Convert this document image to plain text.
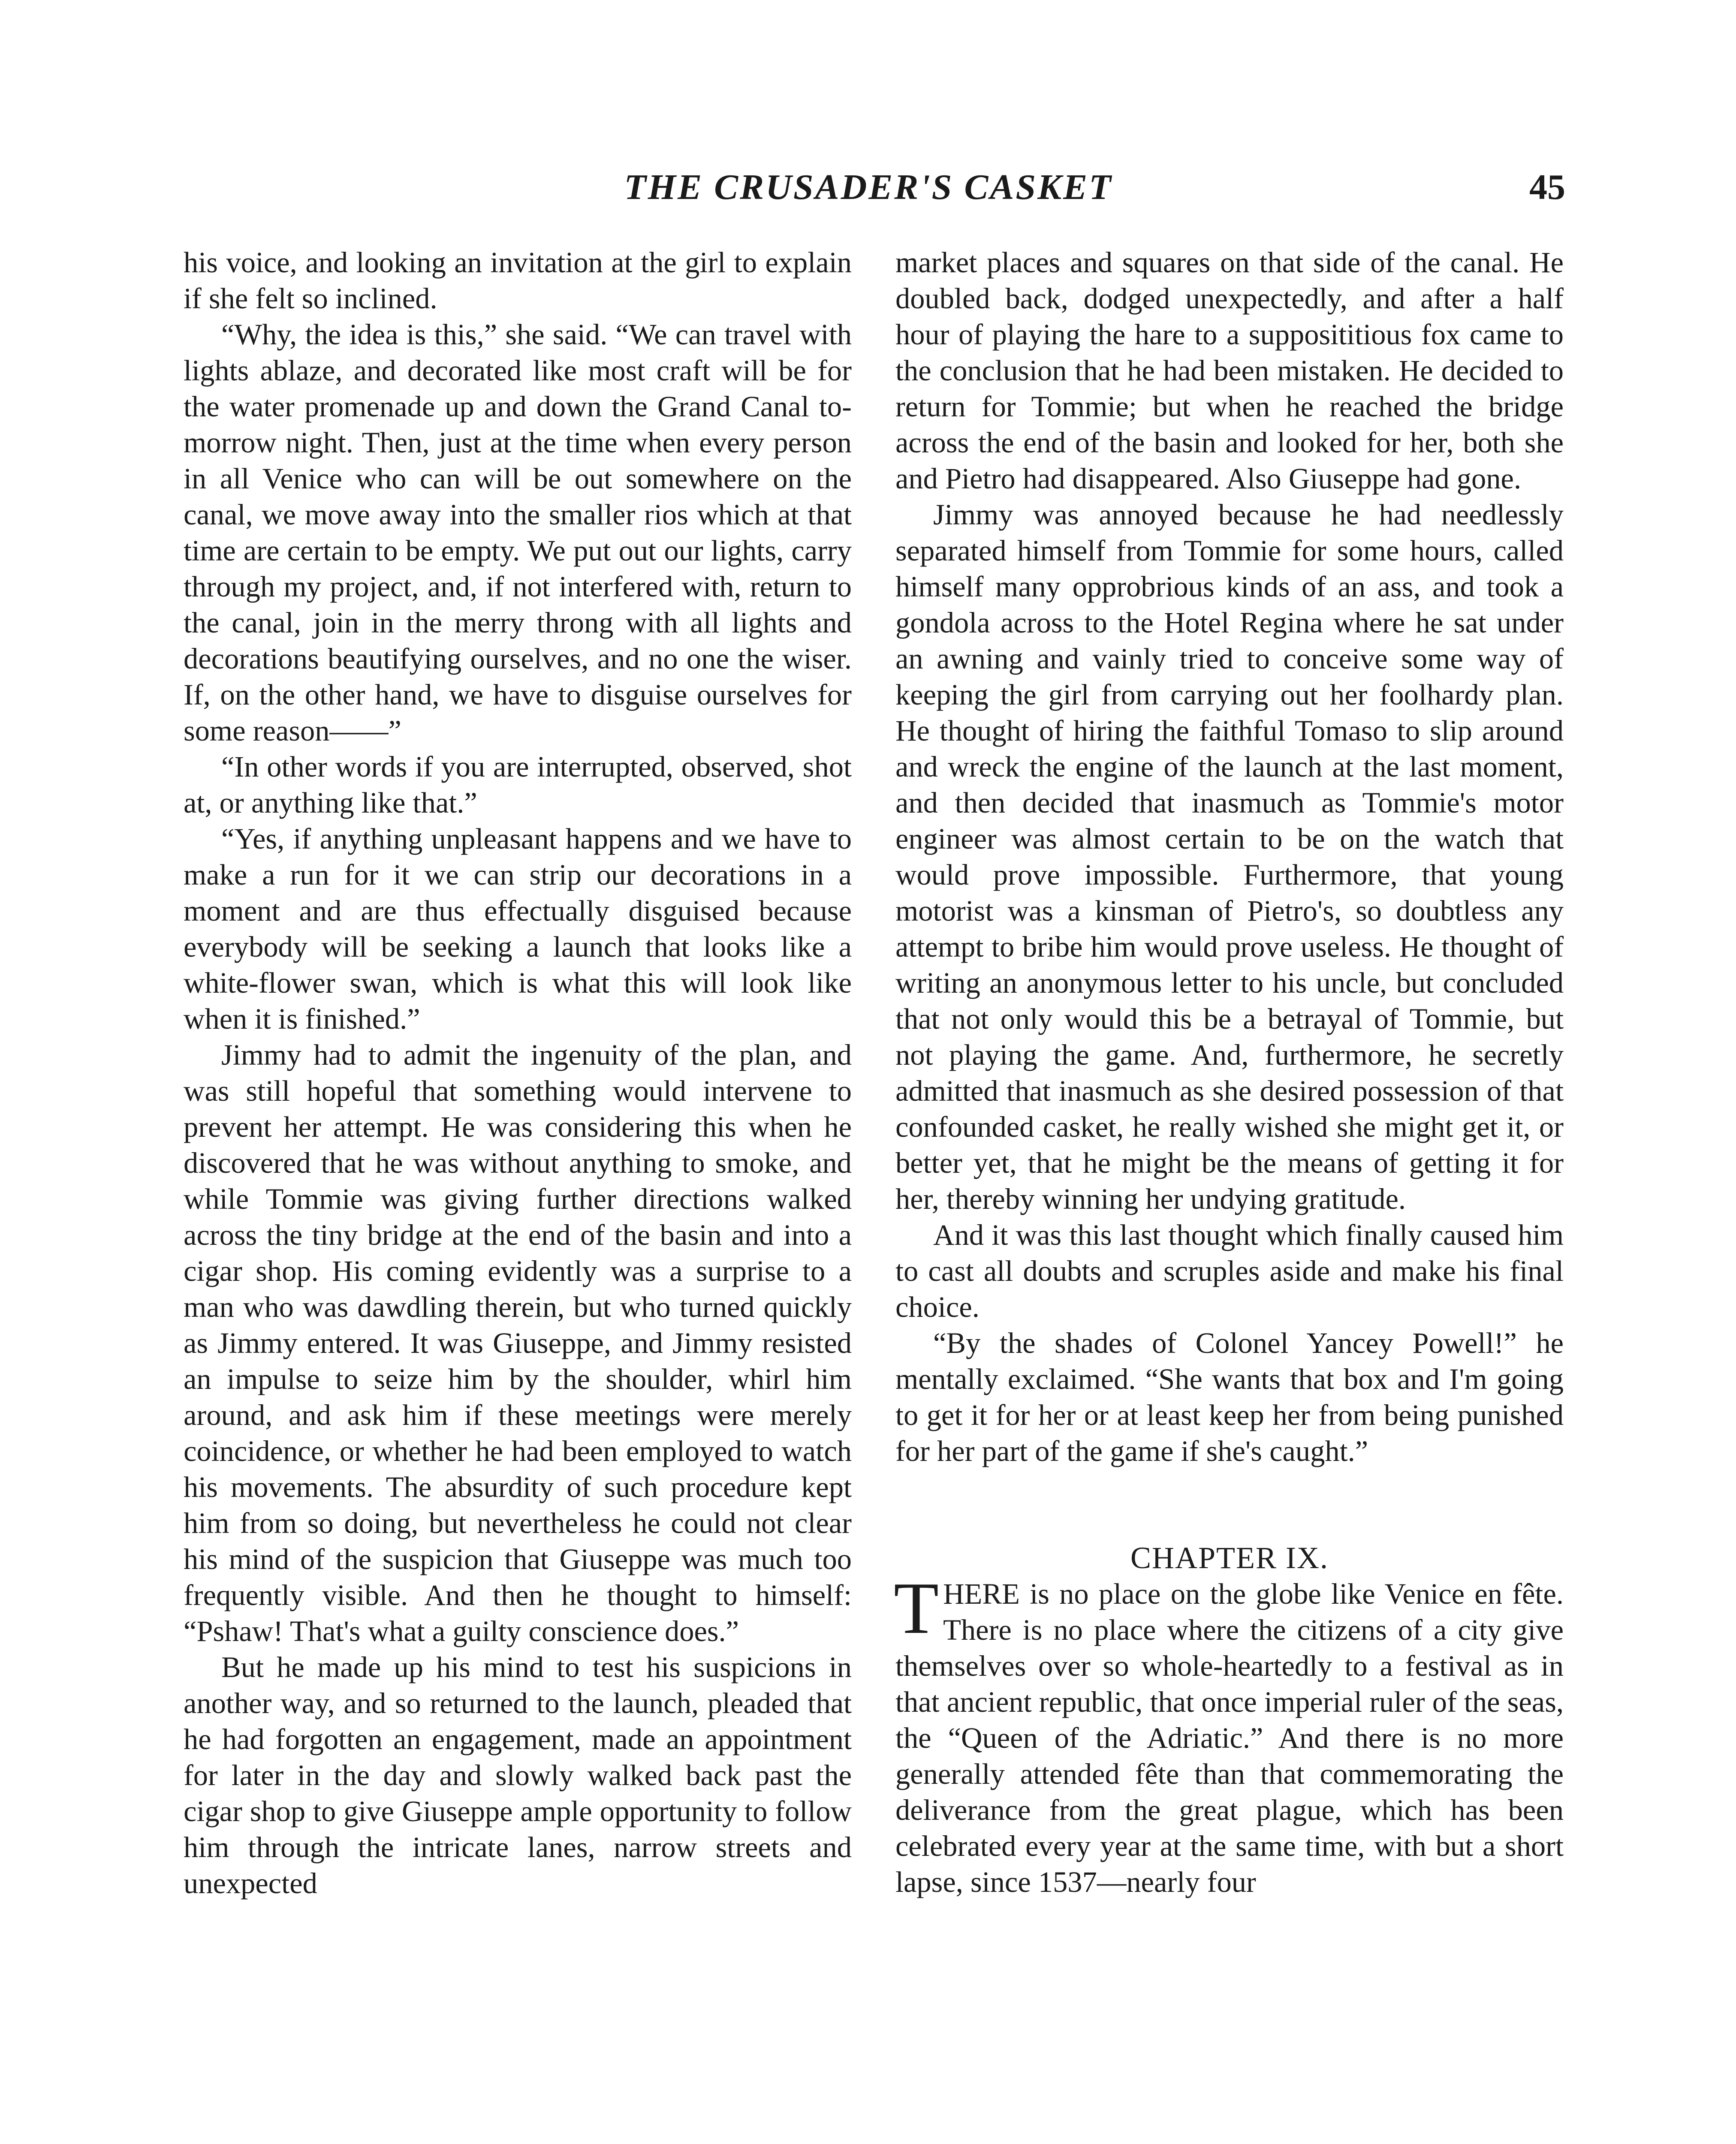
THE CRUSADER'S CASKET	45

his voice, and looking an invitation at the girl to explain if she felt so inclined.

“Why, the idea is this,” she said. “We can travel with lights ablaze, and decorated like most craft will be for the water promenade up and down the Grand Canal to-morrow night. Then, just at the time when every person in all Venice who can will be out somewhere on the canal, we move away into the smaller rios which at that time are certain to be empty. We put out our lights, carry through my project, and, if not interfered with, return to the canal, join in the merry throng with all lights and decorations beautifying ourselves, and no one the wiser. If, on the other hand, we have to disguise ourselves for some reason——”

“In other words if you are interrupted, observed, shot at, or anything like that.”

“Yes, if anything unpleasant happens and we have to make a run for it we can strip our decorations in a moment and are thus effectually disguised because everybody will be seeking a launch that looks like a white-flower swan, which is what this will look like when it is finished.”

Jimmy had to admit the ingenuity of the plan, and was still hopeful that something would intervene to prevent her attempt. He was considering this when he discovered that he was without anything to smoke, and while Tommie was giving further directions walked across the tiny bridge at the end of the basin and into a cigar shop. His coming evidently was a surprise to a man who was dawdling therein, but who turned quickly as Jimmy entered. It was Giuseppe, and Jimmy resisted an impulse to seize him by the shoulder, whirl him around, and ask him if these meetings were merely coincidence, or whether he had been employed to watch his movements. The absurdity of such procedure kept him from so doing, but nevertheless he could not clear his mind of the suspicion that Giuseppe was much too frequently visible. And then he thought to himself: “Pshaw! That's what a guilty conscience does.”

But he made up his mind to test his suspicions in another way, and so returned to the launch, pleaded that he had forgotten an engagement, made an appointment for later in the day and slowly walked back past the cigar shop to give Giuseppe ample opportunity to follow him through the intricate lanes, narrow streets and unexpected

market places and squares on that side of the canal. He doubled back, dodged unexpectedly, and after a half hour of playing the hare to a supposititious fox came to the conclusion that he had been mistaken. He decided to return for Tommie; but when he reached the bridge across the end of the basin and looked for her, both she and Pietro had disappeared. Also Giuseppe had gone.

Jimmy was annoyed because he had needlessly separated himself from Tommie for some hours, called himself many opprobrious kinds of an ass, and took a gondola across to the Hotel Regina where he sat under an awning and vainly tried to conceive some way of keeping the girl from carrying out her foolhardy plan. He thought of hiring the faithful Tomaso to slip around and wreck the engine of the launch at the last moment, and then decided that inasmuch as Tommie's motor engineer was almost certain to be on the watch that would prove impossible. Furthermore, that young motorist was a kinsman of Pietro's, so doubtless any attempt to bribe him would prove useless. He thought of writing an anonymous letter to his uncle, but concluded that not only would this be a betrayal of Tommie, but not playing the game. And, furthermore, he secretly admitted that inasmuch as she desired possession of that confounded casket, he really wished she might get it, or better yet, that he might be the means of getting it for her, thereby winning her undying gratitude.

And it was this last thought which finally caused him to cast all doubts and scruples aside and make his final choice.

“By the shades of Colonel Yancey Powell!” he mentally exclaimed. “She wants that box and I'm going to get it for her or at least keep her from being punished for her part of the game if she's caught.”

CHAPTER IX.

THERE is no place on the globe like Venice en fête. There is no place where the citizens of a city give themselves over so whole-heartedly to a festival as in that ancient republic, that once imperial ruler of the seas, the “Queen of the Adriatic.” And there is no more generally attended fête than that commemorating the deliverance from the great plague, which has been celebrated every year at the same time, with but a short lapse, since 1537—nearly four
